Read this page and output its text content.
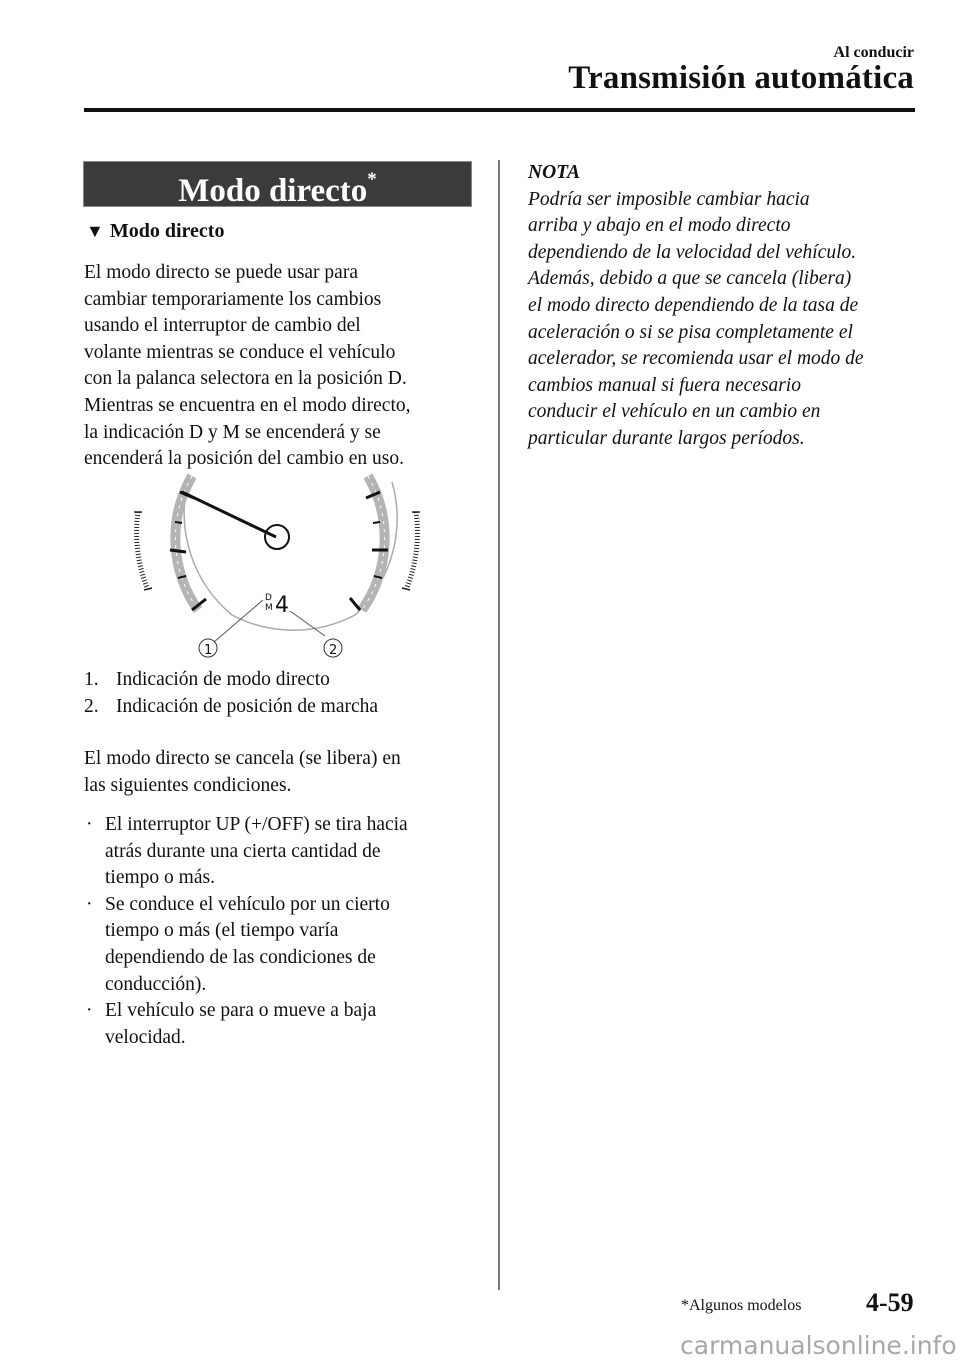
Al conducir
Transmisión automática
Modo directo*
▼ Modo directo
El modo directo se puede usar para
cambiar temporariamente los cambios
usando el interruptor de cambio del
volante mientras se conduce el vehículo
con la palanca selectora en la posición D.
Mientras se encuentra en el modo directo,
la indicación D y M se encenderá y se
encenderá la posición del cambio en uso.
D
M 4
1	2
1. Indicación de modo directo
2. Indicación de posición de marcha
El modo directo se cancela (se libera) en
las siguientes condiciones.
· El interruptor UP (+/OFF) se tira hacia
atrás durante una cierta cantidad de
tiempo o más.
· Se conduce el vehículo por un cierto
tiempo o más (el tiempo varía
dependiendo de las condiciones de
conducción).
· El vehículo se para o mueve a baja
velocidad.
NOTA
Podría ser imposible cambiar hacia
arriba y abajo en el modo directo
dependiendo de la velocidad del vehículo.
Además, debido a que se cancela (libera)
el modo directo dependiendo de la tasa de
aceleración o si se pisa completamente el
acelerador, se recomienda usar el modo de
cambios manual si fuera necesario
conducir el vehículo en un cambio en
particular durante largos períodos.
*Algunos modelos 4-59
carmanualsonline.info
